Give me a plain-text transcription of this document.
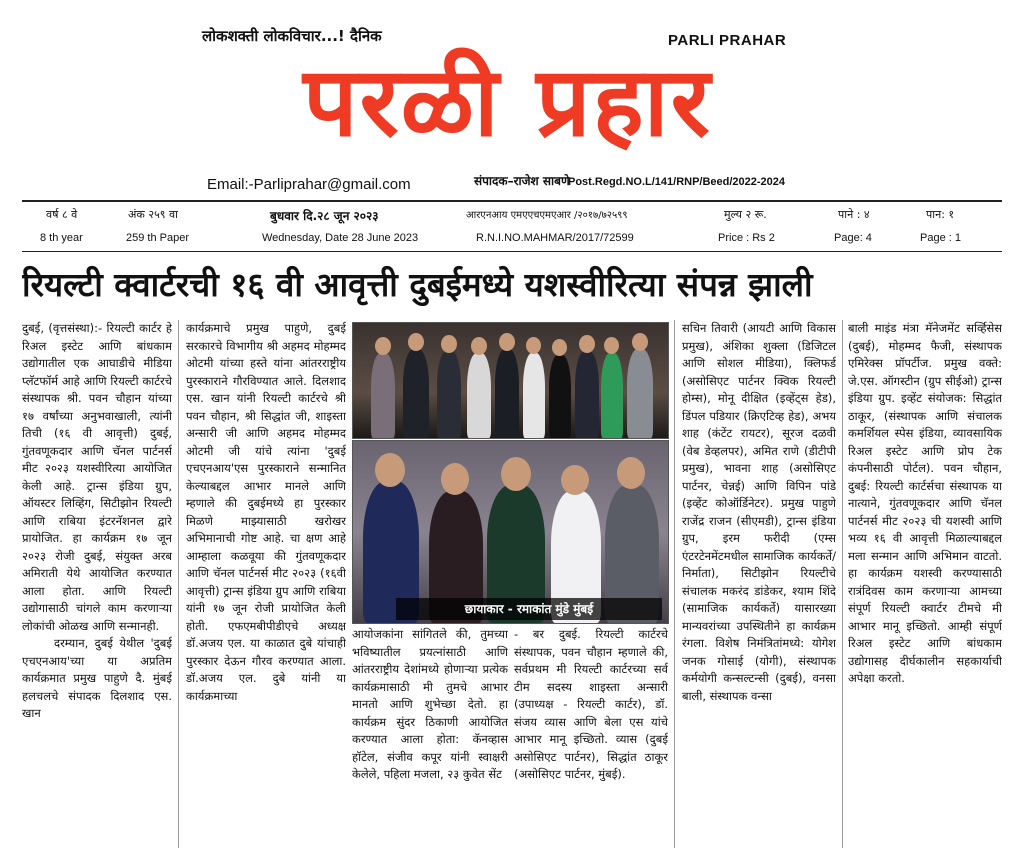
लोकशक्ती लोकविचार...! दैनिक	PARLI PRAHAR
परळी प्रहार
Email:-Parliprahar@gmail.com	संपादक–राजेश साबणे
Post.Regd.NO.L/141/RNP/Beed/2022-2024
वर्ष ८ वे	अंक २५९ वा	बुधवार दि.२८ जून २०२३	आरएनआय एमएएचएमएआर /२०१७/७२५९९	मुल्य २ रू.	पाने : ४	पान: १
8 th year	259 th Paper	Wednesday, Date 28 June 2023	R.N.I.NO.MAHMAR/2017/72599	Price : Rs 2	Page: 4	Page : 1
रियल्टी क्वार्टरची १६ वी आवृत्ती दुबईमध्ये यशस्वीरित्या संपन्न झाली

दुबई, (वृत्तसंस्था):- रियल्टी कार्टर हे रिअल इस्टेट आणि बांधकाम उद्योगातील एक आघाडीचे मीडिया प्लॅटफॉर्म आहे आणि रियल्टी कार्टरचे संस्थापक श्री. पवन चौहान यांच्या १७ वर्षांच्या अनुभवाखाली, त्यांनी तिची (१६ वी आवृत्ती) दुबई, गुंतवणूकदार आणि चॅनल पार्टनर्स मीट २०२३ यशस्वीरित्या आयोजित केली आहे. ट्रान्स इंडिया ग्रुप, ऑयस्टर लिव्हिंग, सिटीझोन रियल्टी आणि राबिया इंटरनॅशनल द्वारे प्रायोजित. हा कार्यक्रम १७ जून २०२३ रोजी दुबई, संयुक्त अरब अमिराती येथे आयोजित करण्यात आला होता. आणि रियल्टी उद्योगासाठी चांगले काम करणाऱ्या लोकांची ओळख आणि सन्मानही.

दरम्यान, दुबई येथील 'दुबई एचएनआय'च्या या अप्रतिम कार्यक्रमात प्रमुख पाहुणे दै. मुंबई हलचलचे संपादक दिलशाद एस. खान

कार्यक्रमाचे प्रमुख पाहुणे, दुबई सरकारचे विभागीय श्री अहमद मोहम्मद ओटमी यांच्या हस्ते यांना आंतरराष्ट्रीय पुरस्काराने गौरविण्यात आले. दिलशाद एस. खान यांनी रियल्टी कार्टरचे श्री पवन चौहान, श्री सिद्धांत जी, शाइस्ता अन्सारी जी आणि अहमद मोहम्मद ओटमी जी यांचे त्यांना 'दुबई एचएनआय'एस पुरस्काराने सन्मानित केल्याबद्दल आभार मानले आणि म्हणाले की दुबईमध्ये हा पुरस्कार मिळणे माझ्यासाठी खरोखर अभिमानाची गोष्ट आहे. चा क्षण आहे आम्हाला कळवूया की गुंतवणूकदार आणि चॅनल पार्टनर्स मीट २०२३ (१६वी आवृत्ती) ट्रान्स इंडिया ग्रुप आणि राबिया यांनी १७ जून रोजी प्रायोजित केली होती. एफएमबीपीडीएचे अध्यक्ष डॉ.अजय एल. या काळात दुबे यांचाही पुरस्कार देऊन गौरव करण्यात आला. डॉ.अजय एल. दुबे यांनी या कार्यक्रमाच्या

छायाकार - रमाकांत मुंडे मुंबई

आयोजकांना सांगितले की, तुमच्या भविष्यातील प्रयत्नांसाठी आणि आंतरराष्ट्रीय देशांमध्ये होणाऱ्या प्रत्येक कार्यक्रमासाठी मी तुमचे आभार मानतो आणि शुभेच्छा देतो. हा कार्यक्रम सुंदर ठिकाणी आयोजित करण्यात आला होता: कॅनव्हास हॉटेल, संजीव कपूर यांनी स्वाक्षरी केलेले, पहिला मजला, २३ कुवेत सेंट

- बर दुबई. रियल्टी कार्टरचे संस्थापक, पवन चौहान म्हणाले की, सर्वप्रथम मी रियल्टी कार्टरच्या सर्व टीम सदस्य शाइस्ता अन्सारी (उपाध्यक्ष - रियल्टी कार्टर), डॉ. संजय व्यास आणि बेला एस यांचे आभार मानू इच्छितो. व्यास (दुबई असोसिएट पार्टनर), सिद्धांत ठाकूर (असोसिएट पार्टनर, मुंबई).

सचिन तिवारी (आयटी आणि विकास प्रमुख), अंशिका शुक्ला (डिजिटल आणि सोशल मीडिया), क्लिफर्ड (असोसिएट पार्टनर क्विक रियल्टी होम्स), मोनू दीक्षित (इव्हेंट्स हेड), डिंपल पडियार (क्रिएटिव्ह हेड), अभय शाह (कंटेंट रायटर), सूरज दळवी (वेब डेव्हलपर), अमित राणे (डीटीपी प्रमुख), भावना शाह (असोसिएट पार्टनर, चेन्नई) आणि विपिन पांडे (इव्हेंट कोऑर्डिनेटर). प्रमुख पाहुणे राजेंद्र राजन (सीएमडी), ट्रान्स इंडिया ग्रुप, इरम फरीदी (एम्स एंटरटेनमेंटमधील सामाजिक कार्यकर्ते/निर्माता), सिटीझोन रियल्टीचे संचालक मकरंद डांडेकर, श्याम शिंदे (सामाजिक कार्यकर्ते) यासारख्या मान्यवरांच्या उपस्थितीने हा कार्यक्रम रंगला. विशेष निमंत्रितांमध्ये: योगेश जनक गोसाई (योगी), संस्थापक कर्मयोगी कन्सल्टन्सी (दुबई), वनसा बाली, संस्थापक वन्सा

बाली माइंड मंत्रा मॅनेजमेंट सर्व्हिसेस (दुबई), मोहम्मद फैजी, संस्थापक एमिरेक्स प्रॉपर्टीज. प्रमुख वक्ते: जे.एस. ऑगस्टीन (ग्रुप सीईओ) ट्रान्स इंडिया ग्रुप. इव्हेंट संयोजक: सिद्धांत ठाकूर, (संस्थापक आणि संचालक कमर्शियल स्पेस इंडिया, व्यावसायिक रिअल इस्टेट आणि प्रोप टेक कंपनीसाठी पोर्टल). पवन चौहान, दुबई: रियल्टी कार्टर्सचा संस्थापक या नात्याने, गुंतवणूकदार आणि चॅनल पार्टनर्स मीट २०२३ ची यशस्वी आणि भव्य १६ वी आवृत्ती मिळाल्याबद्दल मला सन्मान आणि अभिमान वाटतो. हा कार्यक्रम यशस्वी करण्यासाठी रात्रंदिवस काम करणाऱ्या आमच्या संपूर्ण रियल्टी क्वार्टर टीमचे मी आभार मानू इच्छितो. आम्ही संपूर्ण रिअल इस्टेट आणि बांधकाम उद्योगासह दीर्घकालीन सहकार्याची अपेक्षा करतो.
